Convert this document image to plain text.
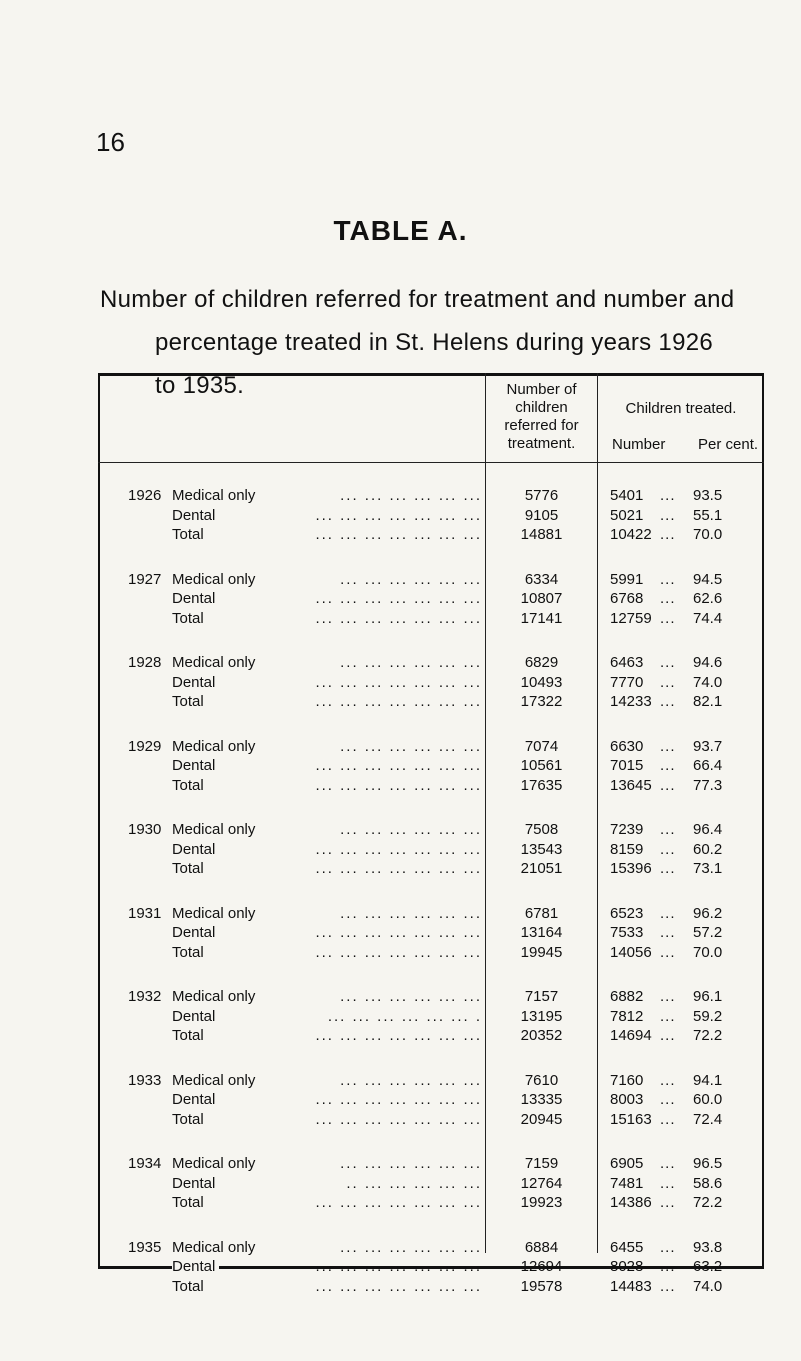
16
TABLE A.
Number of children referred for treatment and number and
percentage treated in St. Helens during years 1926 to 1935.	Number of
children
referred for
treatment.
Children treated.
Number Per cent.
1926 Medical only	... ... ... ... ... ...	5776	5401	... 93.5
Dental	... ... ... ... ... ... ...	9105	5021	... 55.1
Total	... ... ... ... ... ... ...	14881	10422 ... 70.0
1927 Medical only	... ... ... ... ... ...	6334	5991	... 94.5
Dental	... ... ... ... ... ... ...	10807	6768	... 62.6
Total	... ... ... ... ... ... ...	17141	12759 ... 74.4
1928 Medical only	... ... ... ... ... ...	6829	6463	... 94.6
Dental	... ... ... ... ... ... ...	10493	7770	... 74.0
Total	... ... ... ... ... ... ...	17322	14233 ... 82.1
1929 Medical only	... ... ... ... ... ...	7074	6630	... 93.7
Dental	... ... ... ... ... ... ...	10561	7015	... 66.4
Total	... ... ... ... ... ... ...	17635	13645 ... 77.3
1930 Medical only	... ... ... ... ... ...	7508	7239	... 96.4
Dental	... ... ... ... ... ... ...	13543	8159	... 60.2
Total	... ... ... ... ... ... ...	21051	15396 ... 73.1
1931 Medical only	... ... ... ... ... ...	6781	6523	... 96.2
Dental	... ... ... ... ... ... ...	13164	7533	... 57.2
Total	... ... ... ... ... ... ...	19945	14056 ... 70.0
1932 Medical only	... ... ... ... ... ...	7157	6882	... 96.1
Dental	... ... ... ... ... ... .	13195	7812	... 59.2
Total	... ... ... ... ... ... ...	20352	14694 ... 72.2
1933 Medical only	... ... ... ... ... ...	7610	7160	... 94.1
Dental	... ... ... ... ... ... ...	13335	8003	... 60.0
Total	... ... ... ... ... ... ...	20945	15163 ... 72.4
1934 Medical only	... ... ... ... ... ...	7159	6905	... 96.5
Dental	.. ... ... ... ... ...	12764	7481	... 58.6
Total	... ... ... ... ... ... ...	19923	14386 ... 72.2
1935 Medical only	... ... ... ... ... ...	6884	6455	... 93.8
Dental	... ... ... ... ... ... ...	12694	8028	... 63.2
Total	... ... ... ... ... ... ...	19578	14483 ... 74.0
